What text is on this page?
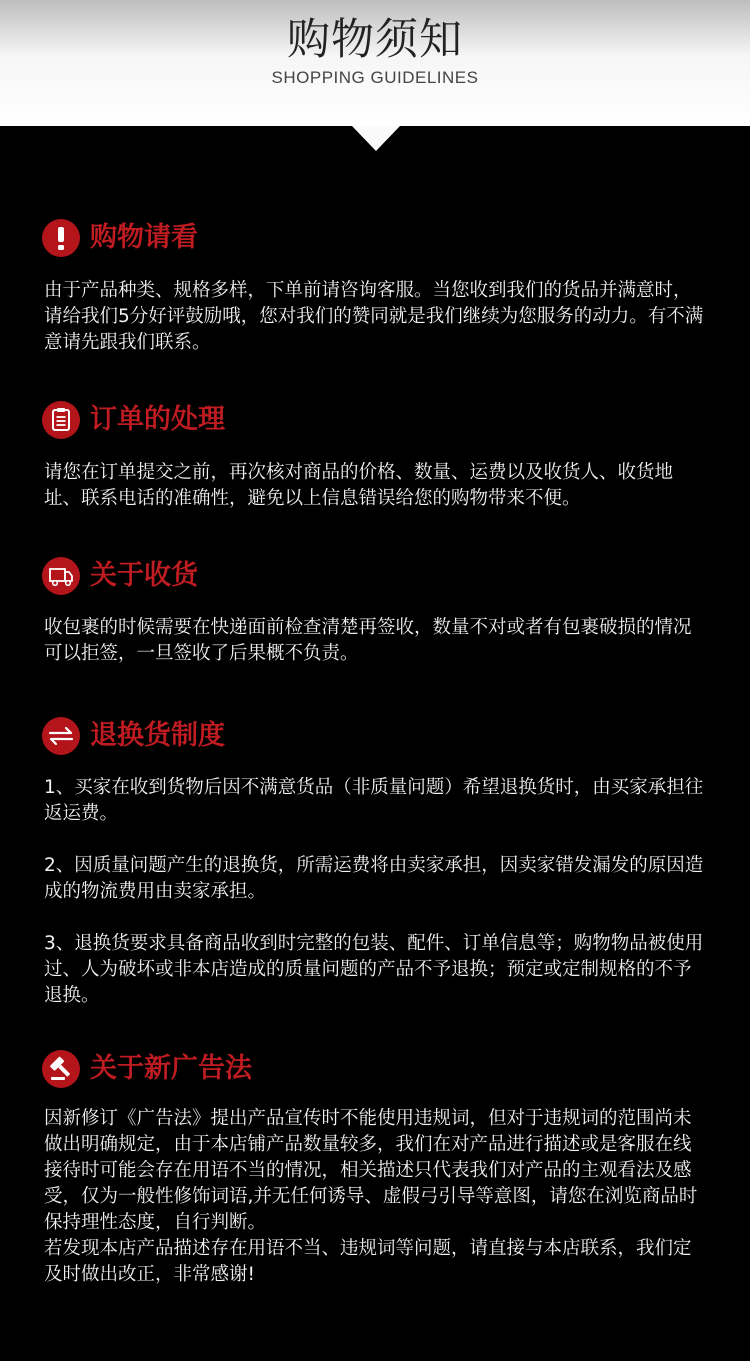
购物须知
SHOPPING GUIDELINES
购物请看

由于产品种类、规格多样，下单前请咨询客服。当您收到我们的货品并满意时，请给我们5分好评鼓励哦，您对我们的赞同就是我们继续为您服务的动力。有不满意请先跟我们联系。

订单的处理

请您在订单提交之前，再次核对商品的价格、数量、运费以及收货人、收货地址、联系电话的准确性，避免以上信息错误给您的购物带来不便。

关于收货

收包裹的时候需要在快递面前检查清楚再签收，数量不对或者有包裹破损的情况可以拒签，一旦签收了后果概不负责。

退换货制度

1、买家在收到货物后因不满意货品（非质量问题）希望退换货时，由买家承担往返运费。

2、因质量问题产生的退换货，所需运费将由卖家承担，因卖家错发漏发的原因造成的物流费用由卖家承担。

3、退换货要求具备商品收到时完整的包装、配件、订单信息等；购物物品被使用过、人为破坏或非本店造成的质量问题的产品不予退换；预定或定制规格的不予退换。

关于新广告法

因新修订《广告法》提出产品宣传时不能使用违规词，但对于违规词的范围尚未做出明确规定，由于本店铺产品数量较多，我们在对产品进行描述或是客服在线接待时可能会存在用语不当的情况，相关描述只代表我们对产品的主观看法及感受，仅为一般性修饰词语,并无任何诱导、虚假弓引导等意图，请您在浏览商品时保持理性态度，自行判断。

若发现本店产品描述存在用语不当、违规词等问题，请直接与本店联系，我们定及时做出改正，非常感谢!
